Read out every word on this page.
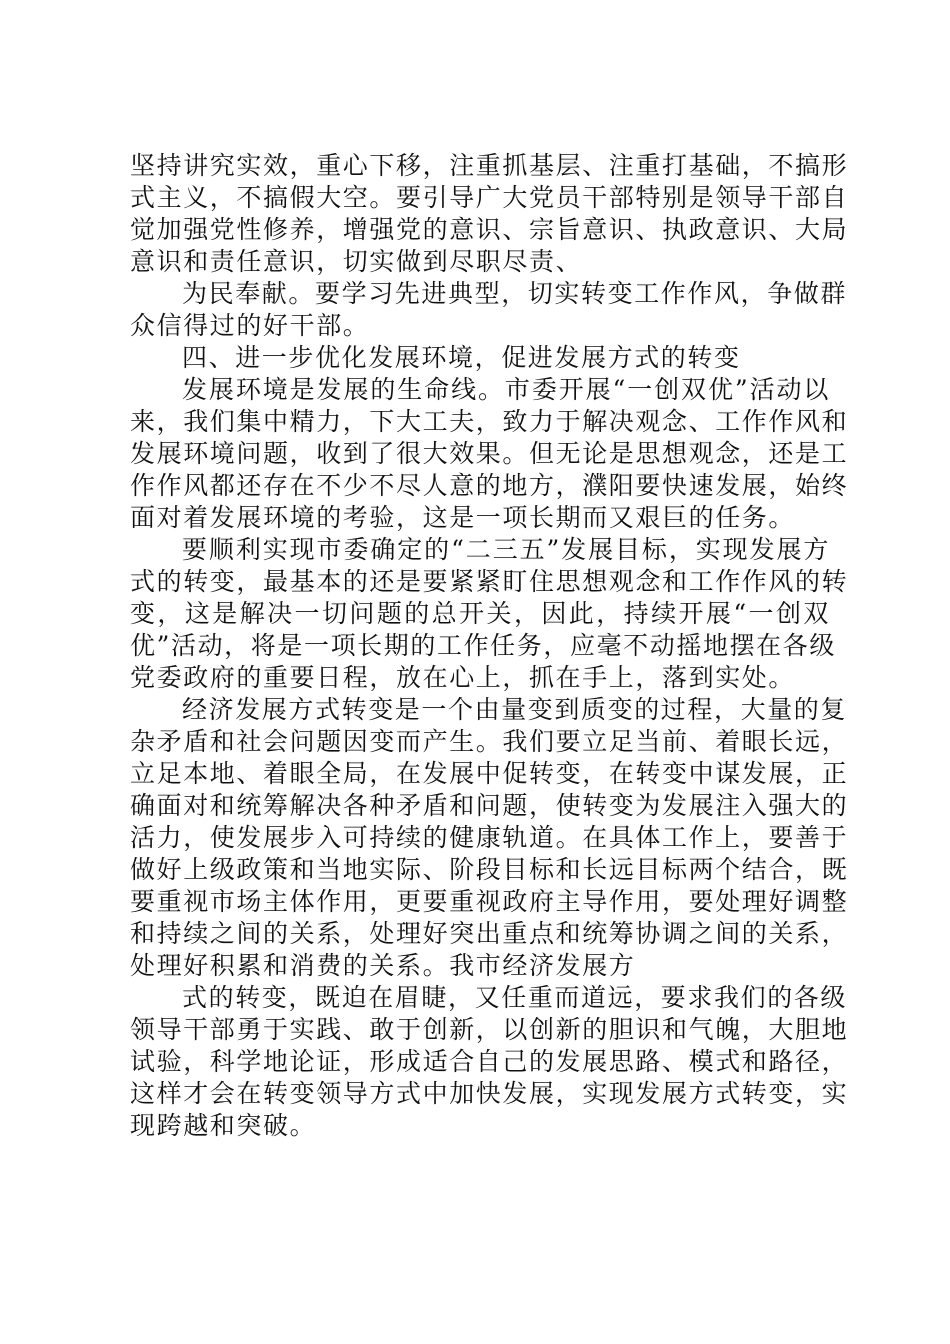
坚持讲究实效，重心下移，注重抓基层、注重打基础，不搞形
式主义，不搞假大空。要引导广大党员干部特别是领导干部自
觉加强党性修养，增强党的意识、宗旨意识、执政意识、大局
意识和责任意识，切实做到尽职尽责、
为民奉献。要学习先进典型，切实转变工作作风，争做群
众信得过的好干部。
四、进一步优化发展环境，促进发展方式的转变
发展环境是发展的生命线。市委开展“一创双优”活动以
来，我们集中精力，下大工夫，致力于解决观念、工作作风和
发展环境问题，收到了很大效果。但无论是思想观念，还是工
作作风都还存在不少不尽人意的地方，濮阳要快速发展，始终
面对着发展环境的考验，这是一项长期而又艰巨的任务。
要顺利实现市委确定的“二三五”发展目标，实现发展方
式的转变，最基本的还是要紧紧盯住思想观念和工作作风的转
变，这是解决一切问题的总开关，因此，持续开展“一创双
优”活动，将是一项长期的工作任务，应毫不动摇地摆在各级
党委政府的重要日程，放在心上，抓在手上，落到实处。
经济发展方式转变是一个由量变到质变的过程，大量的复
杂矛盾和社会问题因变而产生。我们要立足当前、着眼长远，
立足本地、着眼全局，在发展中促转变，在转变中谋发展，正
确面对和统筹解决各种矛盾和问题，使转变为发展注入强大的
活力，使发展步入可持续的健康轨道。在具体工作上，要善于
做好上级政策和当地实际、阶段目标和长远目标两个结合，既
要重视市场主体作用，更要重视政府主导作用，要处理好调整
和持续之间的关系，处理好突出重点和统筹协调之间的关系，
处理好积累和消费的关系。我市经济发展方
式的转变，既迫在眉睫，又任重而道远，要求我们的各级
领导干部勇于实践、敢于创新，以创新的胆识和气魄，大胆地
试验，科学地论证，形成适合自己的发展思路、模式和路径，
这样才会在转变领导方式中加快发展，实现发展方式转变，实
现跨越和突破。
